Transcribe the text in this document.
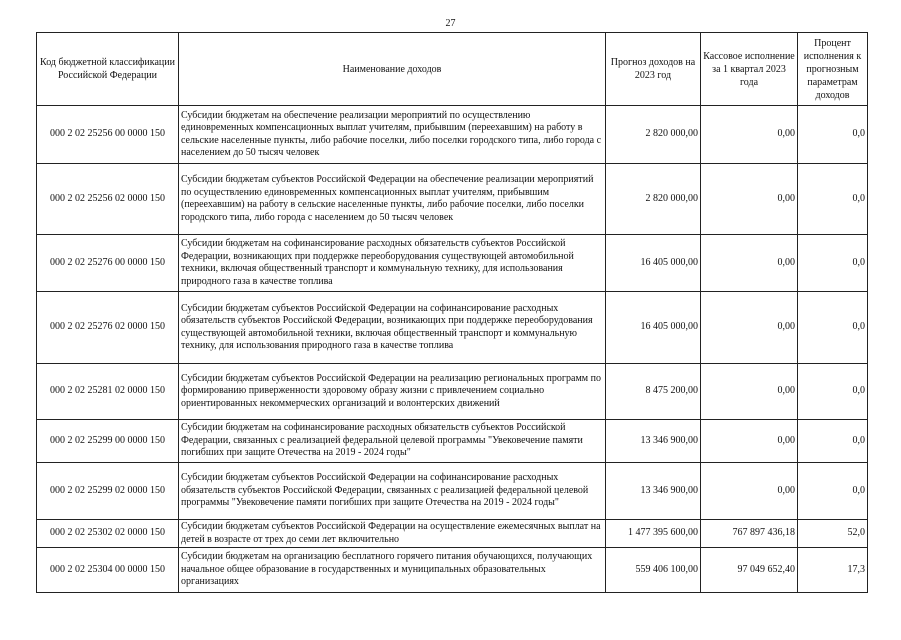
27
Код бюджетной классификации Российской Федерации	Наименование доходов	Прогноз доходов на 2023 год	Кассовое исполнение за 1 квартал 2023 года	Процент исполнения к прогнозным параметрам доходов
000 2 02 25256 00 0000 150	Субсидии бюджетам на обеспечение реализации мероприятий по осуществлению единовременных компенсационных выплат учителям, прибывшим (переехавшим) на работу в сельские населенные пункты, либо рабочие поселки, либо поселки городского типа, либо города с населением до 50 тысяч человек	2 820 000,00	0,00	0,0
000 2 02 25256 02 0000 150	Субсидии бюджетам субъектов Российской Федерации на обеспечение реализации мероприятий по осуществлению единовременных компенсационных выплат учителям, прибывшим (переехавшим) на работу в сельские населенные пункты, либо рабочие поселки, либо поселки городского типа, либо города с населением до 50 тысяч человек	2 820 000,00	0,00	0,0
000 2 02 25276 00 0000 150	Субсидии бюджетам на софинансирование расходных обязательств субъектов Российской Федерации, возникающих при поддержке переоборудования существующей автомобильной техники, включая общественный транспорт и коммунальную технику, для использования природного газа в качестве топлива	16 405 000,00	0,00	0,0
000 2 02 25276 02 0000 150	Субсидии бюджетам субъектов Российской Федерации на софинансирование расходных обязательств субъектов Российской Федерации, возникающих при поддержке переоборудования существующей автомобильной техники, включая общественный транспорт и коммунальную технику, для использования природного газа в качестве топлива	16 405 000,00	0,00	0,0
000 2 02 25281 02 0000 150	Субсидии бюджетам субъектов Российской Федерации на реализацию региональных программ по формированию приверженности здоровому образу жизни с привлечением социально ориентированных некоммерческих организаций и волонтерских движений	8 475 200,00	0,00	0,0
000 2 02 25299 00 0000 150	Субсидии бюджетам на софинансирование расходных обязательств субъектов Российской Федерации, связанных с реализацией федеральной целевой программы "Увековечение памяти погибших при защите Отечества на 2019 - 2024 годы"	13 346 900,00	0,00	0,0
000 2 02 25299 02 0000 150	Субсидии бюджетам субъектов Российской Федерации на софинансирование расходных обязательств субъектов Российской Федерации, связанных с реализацией федеральной целевой программы "Увековечение памяти погибших при защите Отечества на 2019 - 2024 годы"	13 346 900,00	0,00	0,0
000 2 02 25302 02 0000 150	Субсидии бюджетам субъектов Российской Федерации на осуществление ежемесячных выплат на детей в возрасте от трех до семи лет включительно	1 477 395 600,00	767 897 436,18	52,0
000 2 02 25304 00 0000 150	Субсидии бюджетам на организацию бесплатного горячего питания обучающихся, получающих начальное общее образование в государственных и муниципальных образовательных организациях	559 406 100,00	97 049 652,40	17,3
